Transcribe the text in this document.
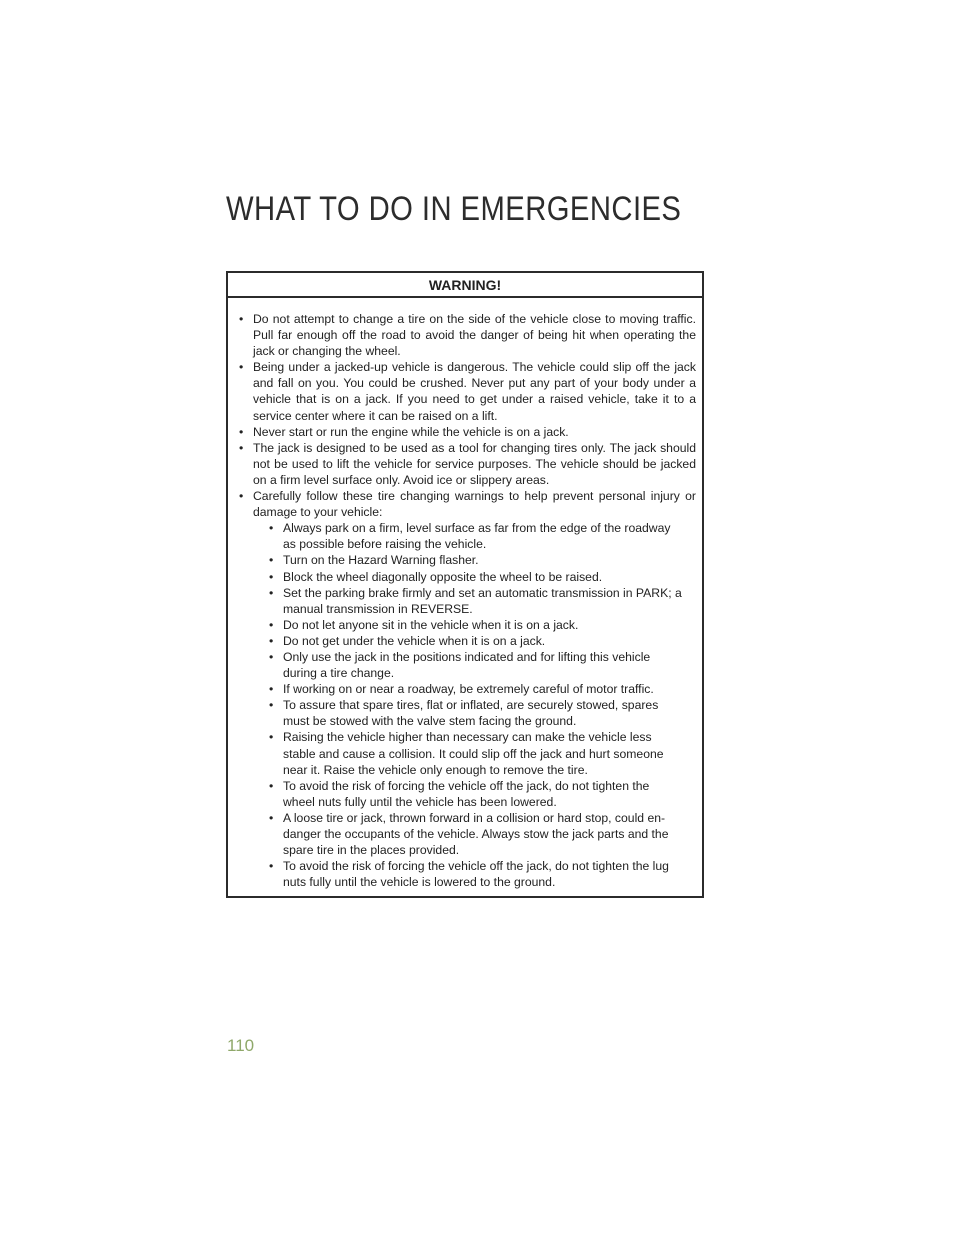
WHAT TO DO IN EMERGENCIES
WARNING!
• Do not attempt to change a tire on the side of the vehicle close to moving traffic. Pull far enough off the road to avoid the danger of being hit when operating the jack or changing the wheel.
• Being under a jacked-up vehicle is dangerous. The vehicle could slip off the jack and fall on you. You could be crushed. Never put any part of your body under a vehicle that is on a jack. If you need to get under a raised vehicle, take it to a service center where it can be raised on a lift.
• Never start or run the engine while the vehicle is on a jack.
• The jack is designed to be used as a tool for changing tires only. The jack should not be used to lift the vehicle for service purposes. The vehicle should be jacked on a firm level surface only. Avoid ice or slippery areas.
• Carefully follow these tire changing warnings to help prevent personal injury or damage to your vehicle:
• Always park on a firm, level surface as far from the edge of the roadway as possible before raising the vehicle.
• Turn on the Hazard Warning flasher.
• Block the wheel diagonally opposite the wheel to be raised.
• Set the parking brake firmly and set an automatic transmission in PARK; a manual transmission in REVERSE.
• Do not let anyone sit in the vehicle when it is on a jack.
• Do not get under the vehicle when it is on a jack.
• Only use the jack in the positions indicated and for lifting this vehicle during a tire change.
• If working on or near a roadway, be extremely careful of motor traffic.
• To assure that spare tires, flat or inflated, are securely stowed, spares must be stowed with the valve stem facing the ground.
• Raising the vehicle higher than necessary can make the vehicle less stable and cause a collision. It could slip off the jack and hurt someone near it. Raise the vehicle only enough to remove the tire.
• To avoid the risk of forcing the vehicle off the jack, do not tighten the wheel nuts fully until the vehicle has been lowered.
• A loose tire or jack, thrown forward in a collision or hard stop, could en-danger the occupants of the vehicle. Always stow the jack parts and the spare tire in the places provided.
• To avoid the risk of forcing the vehicle off the jack, do not tighten the lug nuts fully until the vehicle is lowered to the ground.
110
